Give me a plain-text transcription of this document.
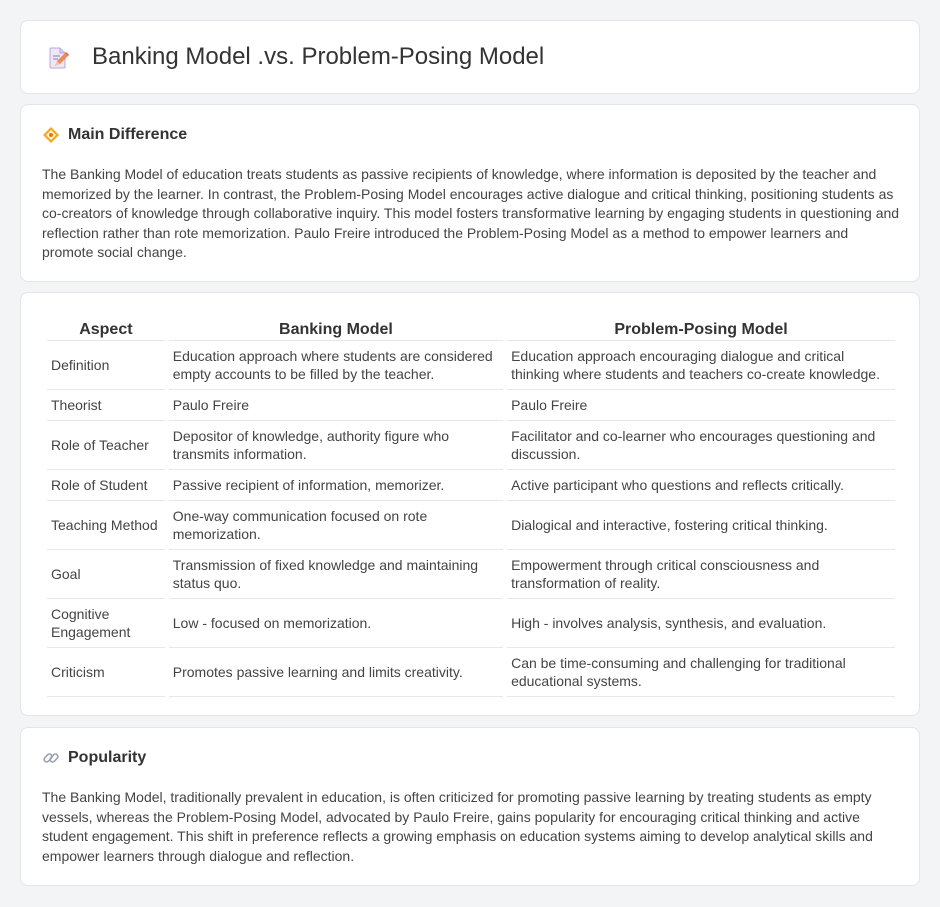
Banking Model .vs. Problem-Posing Model
Main Difference

The Banking Model of education treats students as passive recipients of knowledge, where information is deposited by the teacher and memorized by the learner. In contrast, the Problem-Posing Model encourages active dialogue and critical thinking, positioning students as co-creators of knowledge through collaborative inquiry. This model fosters transformative learning by engaging students in questioning and reflection rather than rote memorization. Paulo Freire introduced the Problem-Posing Model as a method to empower learners and promote social change.

Aspect	Banking Model	Problem-Posing Model
Definition	Education approach where students are considered empty accounts to be filled by the teacher.	Education approach encouraging dialogue and critical thinking where students and teachers co-create knowledge.
Theorist	Paulo Freire	Paulo Freire
Role of Teacher	Depositor of knowledge, authority figure who transmits information.	Facilitator and co-learner who encourages questioning and discussion.
Role of Student	Passive recipient of information, memorizer.	Active participant who questions and reflects critically.
Teaching Method	One-way communication focused on rote memorization.	Dialogical and interactive, fostering critical thinking.
Goal	Transmission of fixed knowledge and maintaining status quo.	Empowerment through critical consciousness and transformation of reality.
Cognitive Engagement	Low - focused on memorization.	High - involves analysis, synthesis, and evaluation.
Criticism	Promotes passive learning and limits creativity.	Can be time-consuming and challenging for traditional educational systems.
Popularity

The Banking Model, traditionally prevalent in education, is often criticized for promoting passive learning by treating students as empty vessels, whereas the Problem-Posing Model, advocated by Paulo Freire, gains popularity for encouraging critical thinking and active student engagement. This shift in preference reflects a growing emphasis on education systems aiming to develop analytical skills and empower learners through dialogue and reflection.
